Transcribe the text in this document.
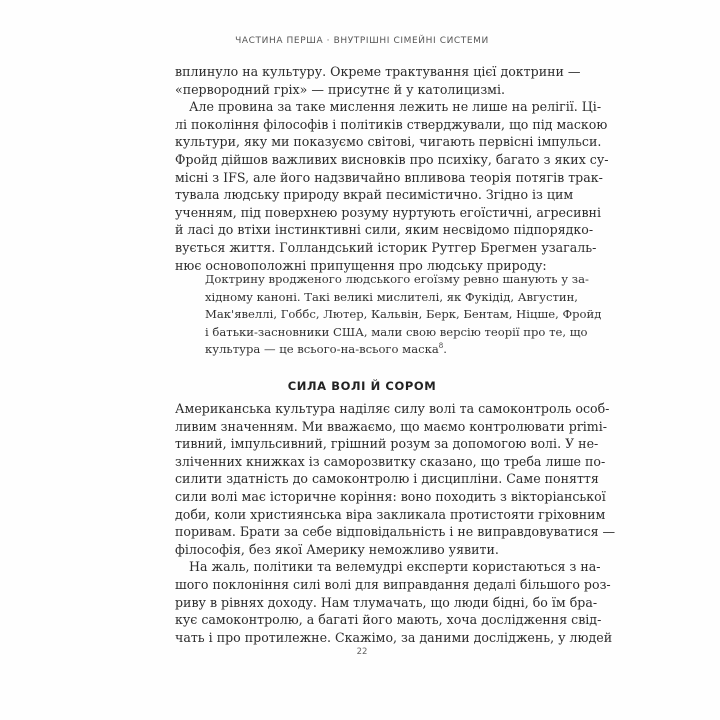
ЧАСТИНА ПЕРША · ВНУТРІШНІ СІМЕЙНІ СИСТЕМИ

вплинуло на культуру. Окреме трактування цієї доктрини —
«первородний гріх» — присутнє й у католицизмі.

Але провина за таке мислення лежить не лише на релігії. Ці-
лі покоління філософів і політиків стверджували, що під маскою
культури, яку ми показуємо світові, чигають первісні імпульси.
Фройд дійшов важливих висновків про психіку, багато з яких су-
місні з IFS, але його надзвичайно впливова теорія потягів трак-
тувала людську природу вкрай песимістично. Згідно із цим
ученням, під поверхнею розуму нуртують егоїстичні, агресивні
й ласі до втіхи інстинктивні сили, яким несвідомо підпорядко-
вується життя. Голландський історик Рутгер Брегмен узагаль-
нює основоположні припущення про людську природу:

Доктрину вродженого людського егоїзму ревно шанують у за-
хідному каноні. Такі великі мислителі, як Фукідід, Августин,
Мак'явеллі, Гоббс, Лютер, Кальвін, Берк, Бентам, Ніцше, Фройд
і батьки-засновники США, мали свою версію теорії про те, що
культура — це всього-на-всього маска$^8$.

СИЛА ВОЛІ Й СОРОМ

Американська культура наділяє силу волі та самоконтроль особ-
ливим значенням. Ми вважаємо, що маємо контролювати primi-
тивний, імпульсивний, грішний розум за допомогою волі. У не-
зліченних книжках із саморозвитку сказано, що треба лише по-
силити здатність до самоконтролю і дисципліни. Саме поняття
сили волі має історичне коріння: воно походить з вікторіанської
доби, коли християнська віра закликала протистояти гріховним
поривам. Брати за себе відповідальність і не виправдовуватися —
філософія, без якої Америку неможливо уявити.

На жаль, політики та велемудрі експерти користаються з на-
шого поклоніння силі волі для виправдання дедалі більшого роз-
риву в рівнях доходу. Нам тлумачать, що люди бідні, бо їм бра-
кує самоконтролю, а багаті його мають, хоча дослідження свід-
чать і про протилежне. Скажімо, за даними досліджень, у людей

22
